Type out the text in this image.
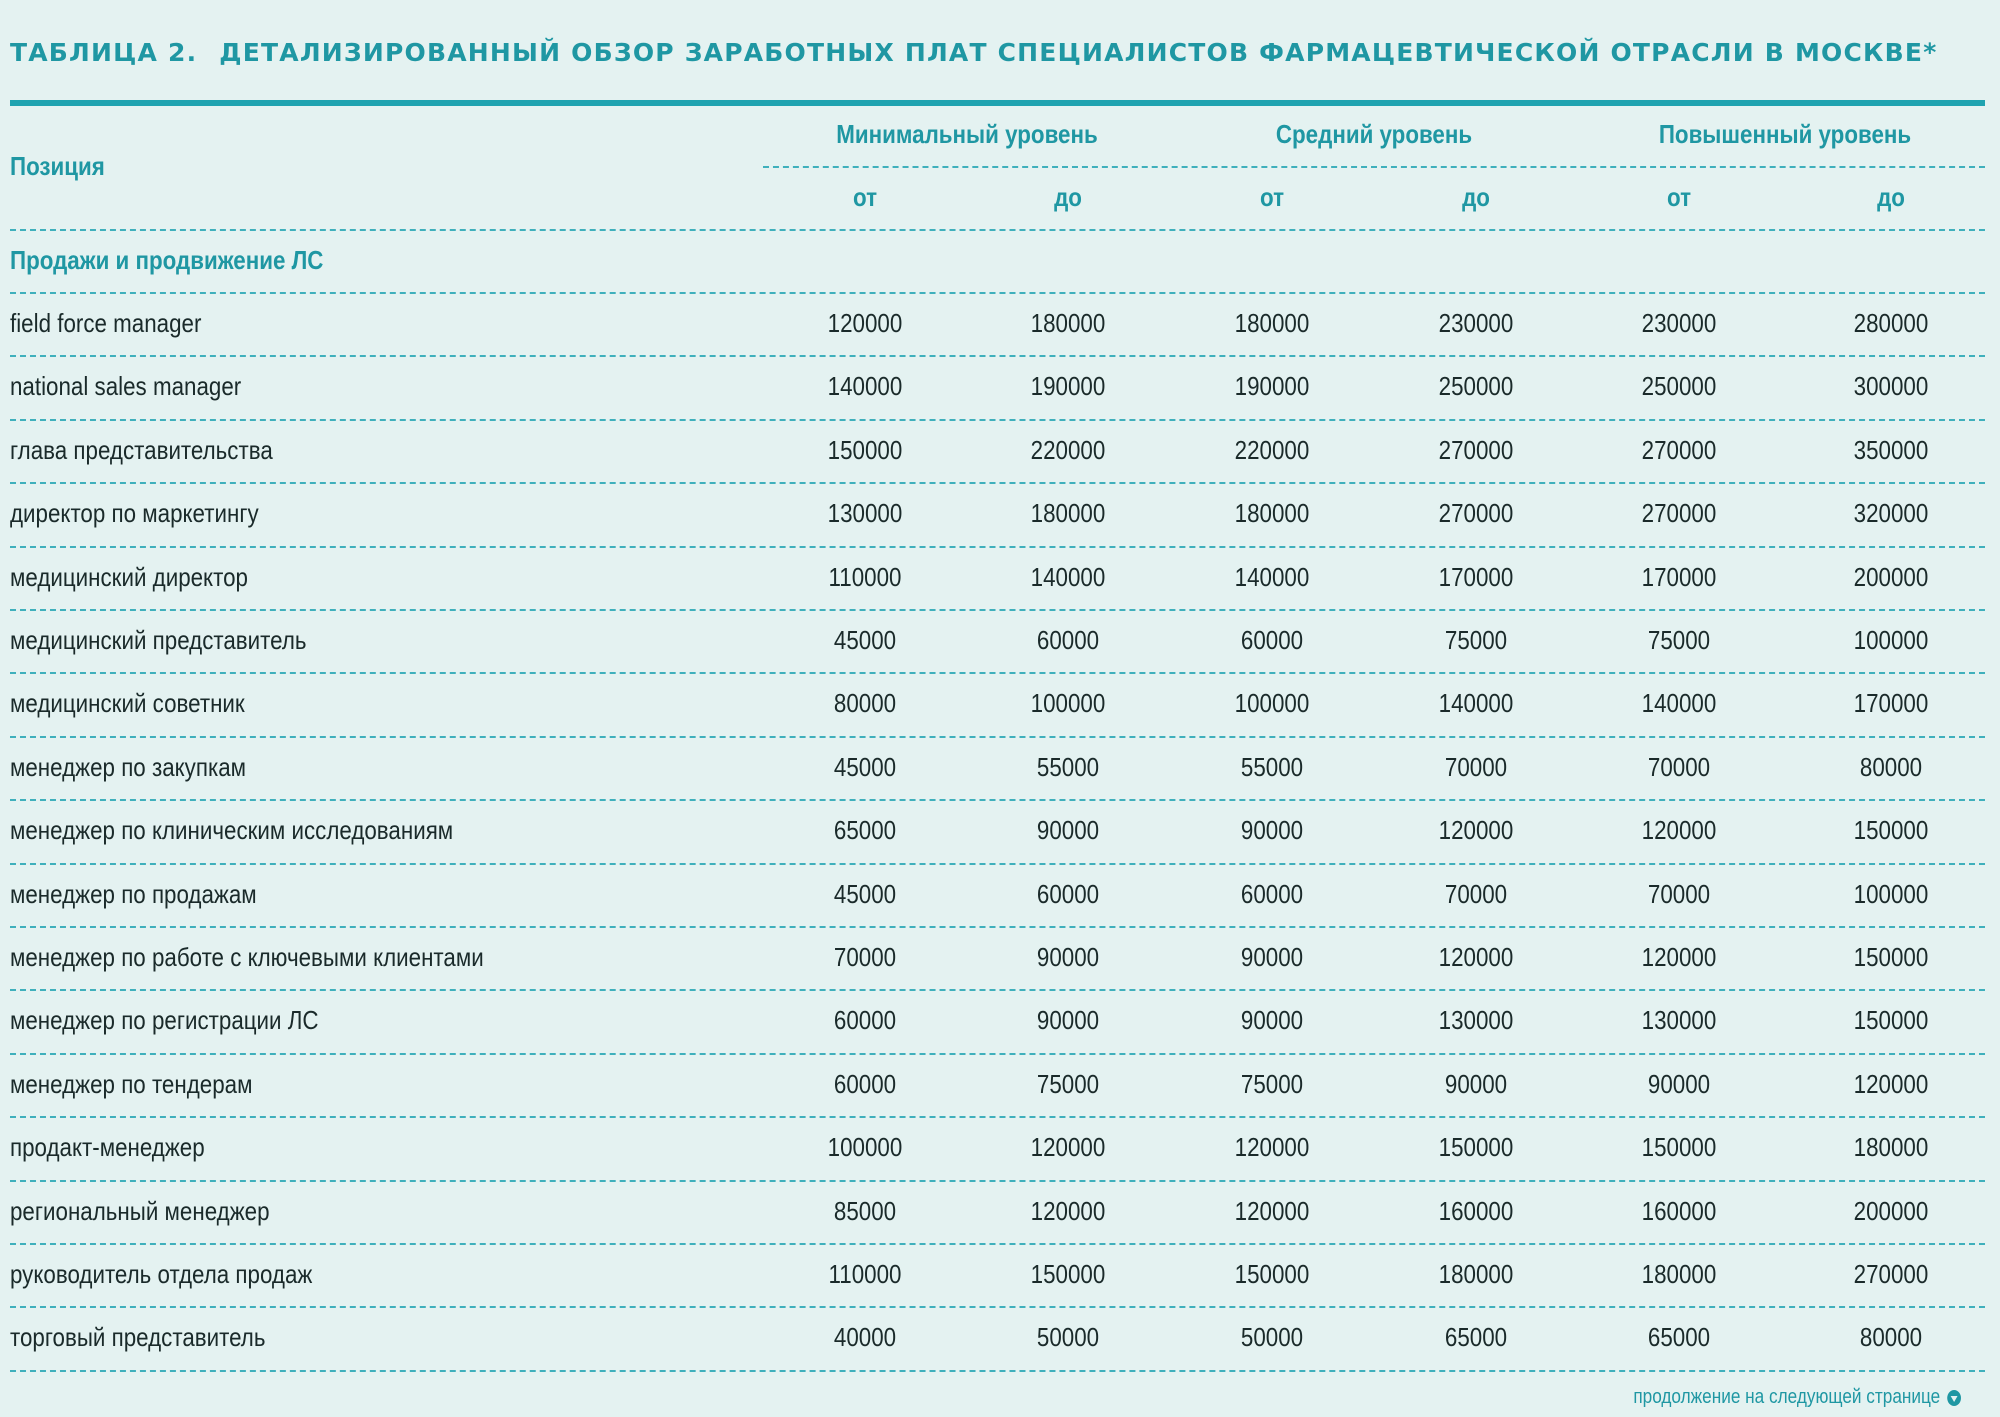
ТАБЛИЦА 2. ДЕТАЛИЗИРОВАННЫЙ ОБЗОР ЗАРАБОТНЫХ ПЛАТ СПЕЦИАЛИСТОВ ФАРМАЦЕВТИЧЕСКОЙ ОТРАСЛИ В МОСКВЕ*
Позиция
Минимальный уровень	Средний уровень	Повышенный уровень
от	до	от	до	от	до
Продажи и продвижение ЛС
field force manager	120000	180000	180000	230000	230000	280000
national sales manager	140000	190000	190000	250000	250000	300000
глава представительства	150000	220000	220000	270000	270000	350000
директор по маркетингу	130000	180000	180000	270000	270000	320000
медицинский директор	110000	140000	140000	170000	170000	200000
медицинский представитель	45000	60000	60000	75000	75000	100000
медицинский советник	80000	100000	100000	140000	140000	170000
менеджер по закупкам	45000	55000	55000	70000	70000	80000
менеджер по клиническим исследованиям	65000	90000	90000	120000	120000	150000
менеджер по продажам	45000	60000	60000	70000	70000	100000
менеджер по работе с ключевыми клиентами	70000	90000	90000	120000	120000	150000
менеджер по регистрации ЛС	60000	90000	90000	130000	130000	150000
менеджер по тендерам	60000	75000	75000	90000	90000	120000
продакт-менеджер	100000	120000	120000	150000	150000	180000
региональный менеджер	85000	120000	120000	160000	160000	200000
руководитель отдела продаж	110000	150000	150000	180000	180000	270000
торговый представитель	40000	50000	50000	65000	65000	80000
продолжение на следующей странице
